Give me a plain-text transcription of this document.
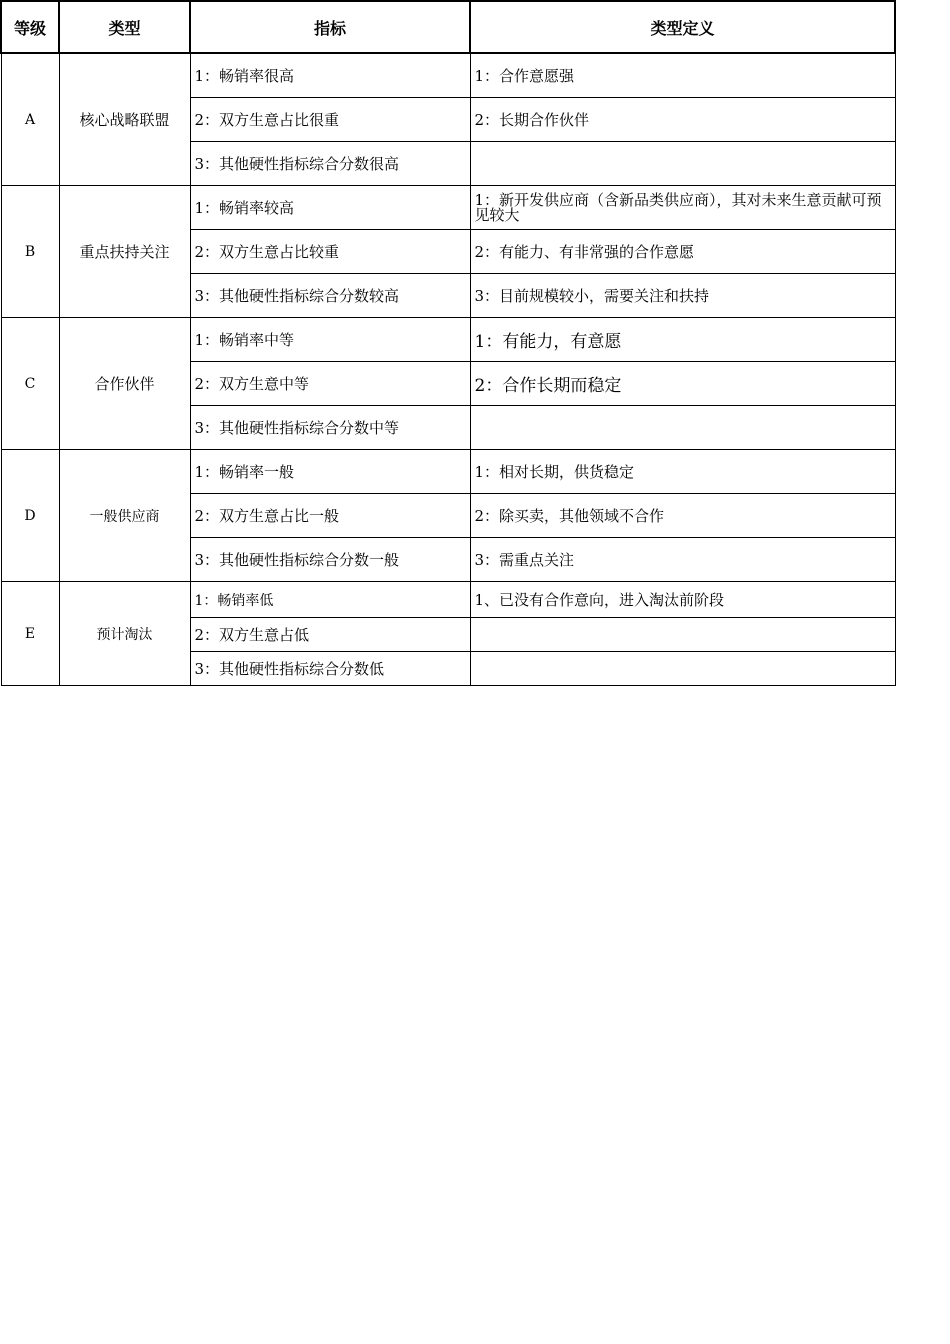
等级	类型	指标	类型定义
A	核心战略联盟	1：畅销率很高	1：合作意愿强
		2：双方生意占比很重	2：长期合作伙伴
		3：其他硬性指标综合分数很高	
B	重点扶持关注	1：畅销率较高	1：新开发供应商（含新品类供应商），其对未来生意贡献可预见较大
		2：双方生意占比较重	2：有能力、有非常强的合作意愿
		3：其他硬性指标综合分数较高	3：目前规模较小，需要关注和扶持
C	合作伙伴	1：畅销率中等	1：有能力，有意愿
		2：双方生意中等	2：合作长期而稳定
		3：其他硬性指标综合分数中等	
D	一般供应商	1：畅销率一般	1：相对长期，供货稳定
		2：双方生意占比一般	2：除买卖，其他领域不合作
		3：其他硬性指标综合分数一般	3：需重点关注
E	预计淘汰	1：畅销率低	1、已没有合作意向，进入淘汰前阶段
		2：双方生意占低	
		3：其他硬性指标综合分数低	
